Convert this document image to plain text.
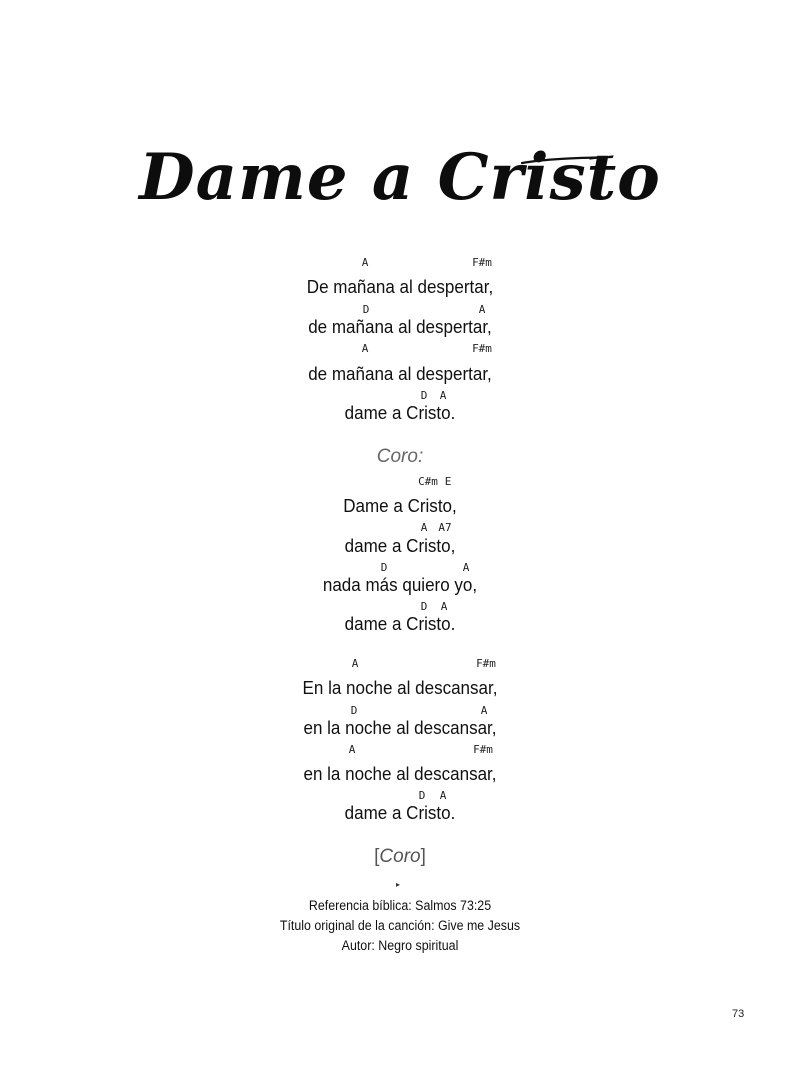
Dame a Cristo
A	F#m
De mañana al despertar,
D	A
de mañana al despertar,
A	F#m
de mañana al despertar,
D A
dame a Cristo.
Coro:
C#m E
Dame a Cristo,
A A7
dame a Cristo,
D	A
nada más quiero yo,
D A
dame a Cristo.
A	F#m
En la noche al descansar,
D	A
en la noche al descansar,
A	F#m
en la noche al descansar,
D A
dame a Cristo.
[Coro]
▸
Referencia bíblica: Salmos 73:25
Título original de la canción: Give me Jesus
Autor: Negro spiritual
73
